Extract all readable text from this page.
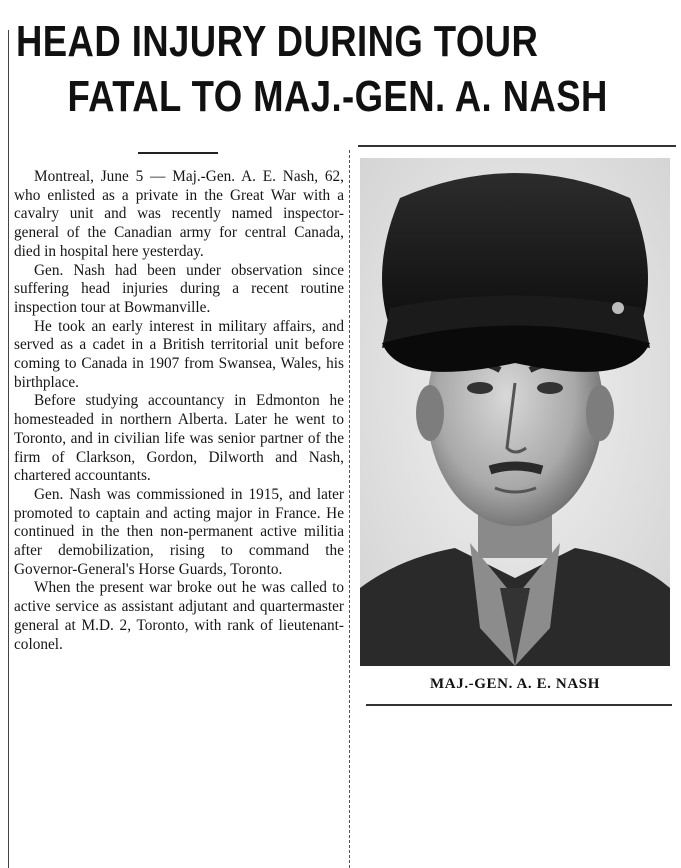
HEAD INJURY DURING TOUR
FATAL TO MAJ.-GEN. A. NASH

Montreal, June 5 — Maj.-Gen. A. E. Nash, 62, who enlisted as a private in the Great War with a cavalry unit and was recently named inspector-general of the Canadian army for central Canada, died in hospital here yesterday.

Gen. Nash had been under observation since suffering head injuries during a recent routine inspection tour at Bowmanville.

He took an early interest in military affairs, and served as a cadet in a British territorial unit before coming to Canada in 1907 from Swansea, Wales, his birthplace.

Before studying accountancy in Edmonton he homesteaded in northern Alberta. Later he went to Toronto, and in civilian life was senior partner of the firm of Clarkson, Gordon, Dilworth and Nash, chartered accountants.

Gen. Nash was commissioned in 1915, and later promoted to captain and acting major in France. He continued in the then non-permanent active militia after demobilization, rising to command the Governor-General's Horse Guards, Toronto.

When the present war broke out he was called to active service as assistant adjutant and quartermaster general at M.D. 2, Toronto, with rank of lieutenant-colonel.

MAJ.-GEN. A. E. NASH
